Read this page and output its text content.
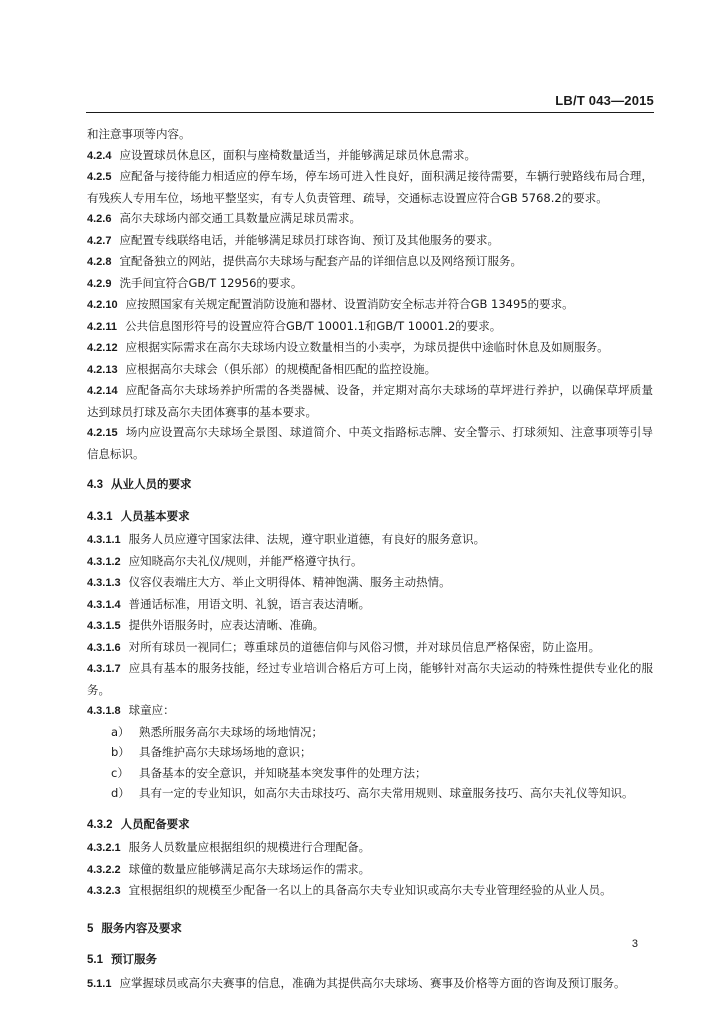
LB/T 043—2015

和注意事项等内容。

4.2.4 应设置球员休息区，面积与座椅数量适当，并能够满足球员休息需求。

4.2.5 应配备与接待能力相适应的停车场，停车场可进入性良好，面积满足接待需要，车辆行驶路线布局合理，有残疾人专用车位，场地平整坚实，有专人负责管理、疏导，交通标志设置应符合GB 5768.2的要求。

4.2.6 高尔夫球场内部交通工具数量应满足球员需求。

4.2.7 应配置专线联络电话，并能够满足球员打球咨询、预订及其他服务的要求。

4.2.8 宜配备独立的网站，提供高尔夫球场与配套产品的详细信息以及网络预订服务。

4.2.9 洗手间宜符合GB/T 12956的要求。

4.2.10 应按照国家有关规定配置消防设施和器材、设置消防安全标志并符合GB 13495的要求。

4.2.11 公共信息图形符号的设置应符合GB/T 10001.1和GB/T 10001.2的要求。

4.2.12 应根据实际需求在高尔夫球场内设立数量相当的小卖亭，为球员提供中途临时休息及如厕服务。

4.2.13 应根据高尔夫球会（俱乐部）的规模配备相匹配的监控设施。

4.2.14 应配备高尔夫球场养护所需的各类器械、设备，并定期对高尔夫球场的草坪进行养护，以确保草坪质量达到球员打球及高尔夫团体赛事的基本要求。

4.2.15 场内应设置高尔夫球场全景图、球道简介、中英文指路标志牌、安全警示、打球须知、注意事项等引导信息标识。

4.3 从业人员的要求

4.3.1 人员基本要求

4.3.1.1 服务人员应遵守国家法律、法规，遵守职业道德，有良好的服务意识。

4.3.1.2 应知晓高尔夫礼仪/规则，并能严格遵守执行。

4.3.1.3 仪容仪表端庄大方、举止文明得体、精神饱满、服务主动热情。

4.3.1.4 普通话标准，用语文明、礼貌，语言表达清晰。

4.3.1.5 提供外语服务时，应表达清晰、准确。

4.3.1.6 对所有球员一视同仁；尊重球员的道德信仰与风俗习惯，并对球员信息严格保密，防止盗用。

4.3.1.7 应具有基本的服务技能，经过专业培训合格后方可上岗，能够针对高尔夫运动的特殊性提供专业化的服务。

4.3.1.8 球童应：

a） 熟悉所服务高尔夫球场的场地情况；

b） 具备维护高尔夫球场场地的意识；

c） 具备基本的安全意识，并知晓基本突发事件的处理方法；

d） 具有一定的专业知识，如高尔夫击球技巧、高尔夫常用规则、球童服务技巧、高尔夫礼仪等知识。

4.3.2 人员配备要求

4.3.2.1 服务人员数量应根据组织的规模进行合理配备。

4.3.2.2 球僮的数量应能够满足高尔夫球场运作的需求。

4.3.2.3 宜根据组织的规模至少配备一名以上的具备高尔夫专业知识或高尔夫专业管理经验的从业人员。

5 服务内容及要求

5.1 预订服务

5.1.1 应掌握球员或高尔夫赛事的信息，准确为其提供高尔夫球场、赛事及价格等方面的咨询及预订服务。

3
